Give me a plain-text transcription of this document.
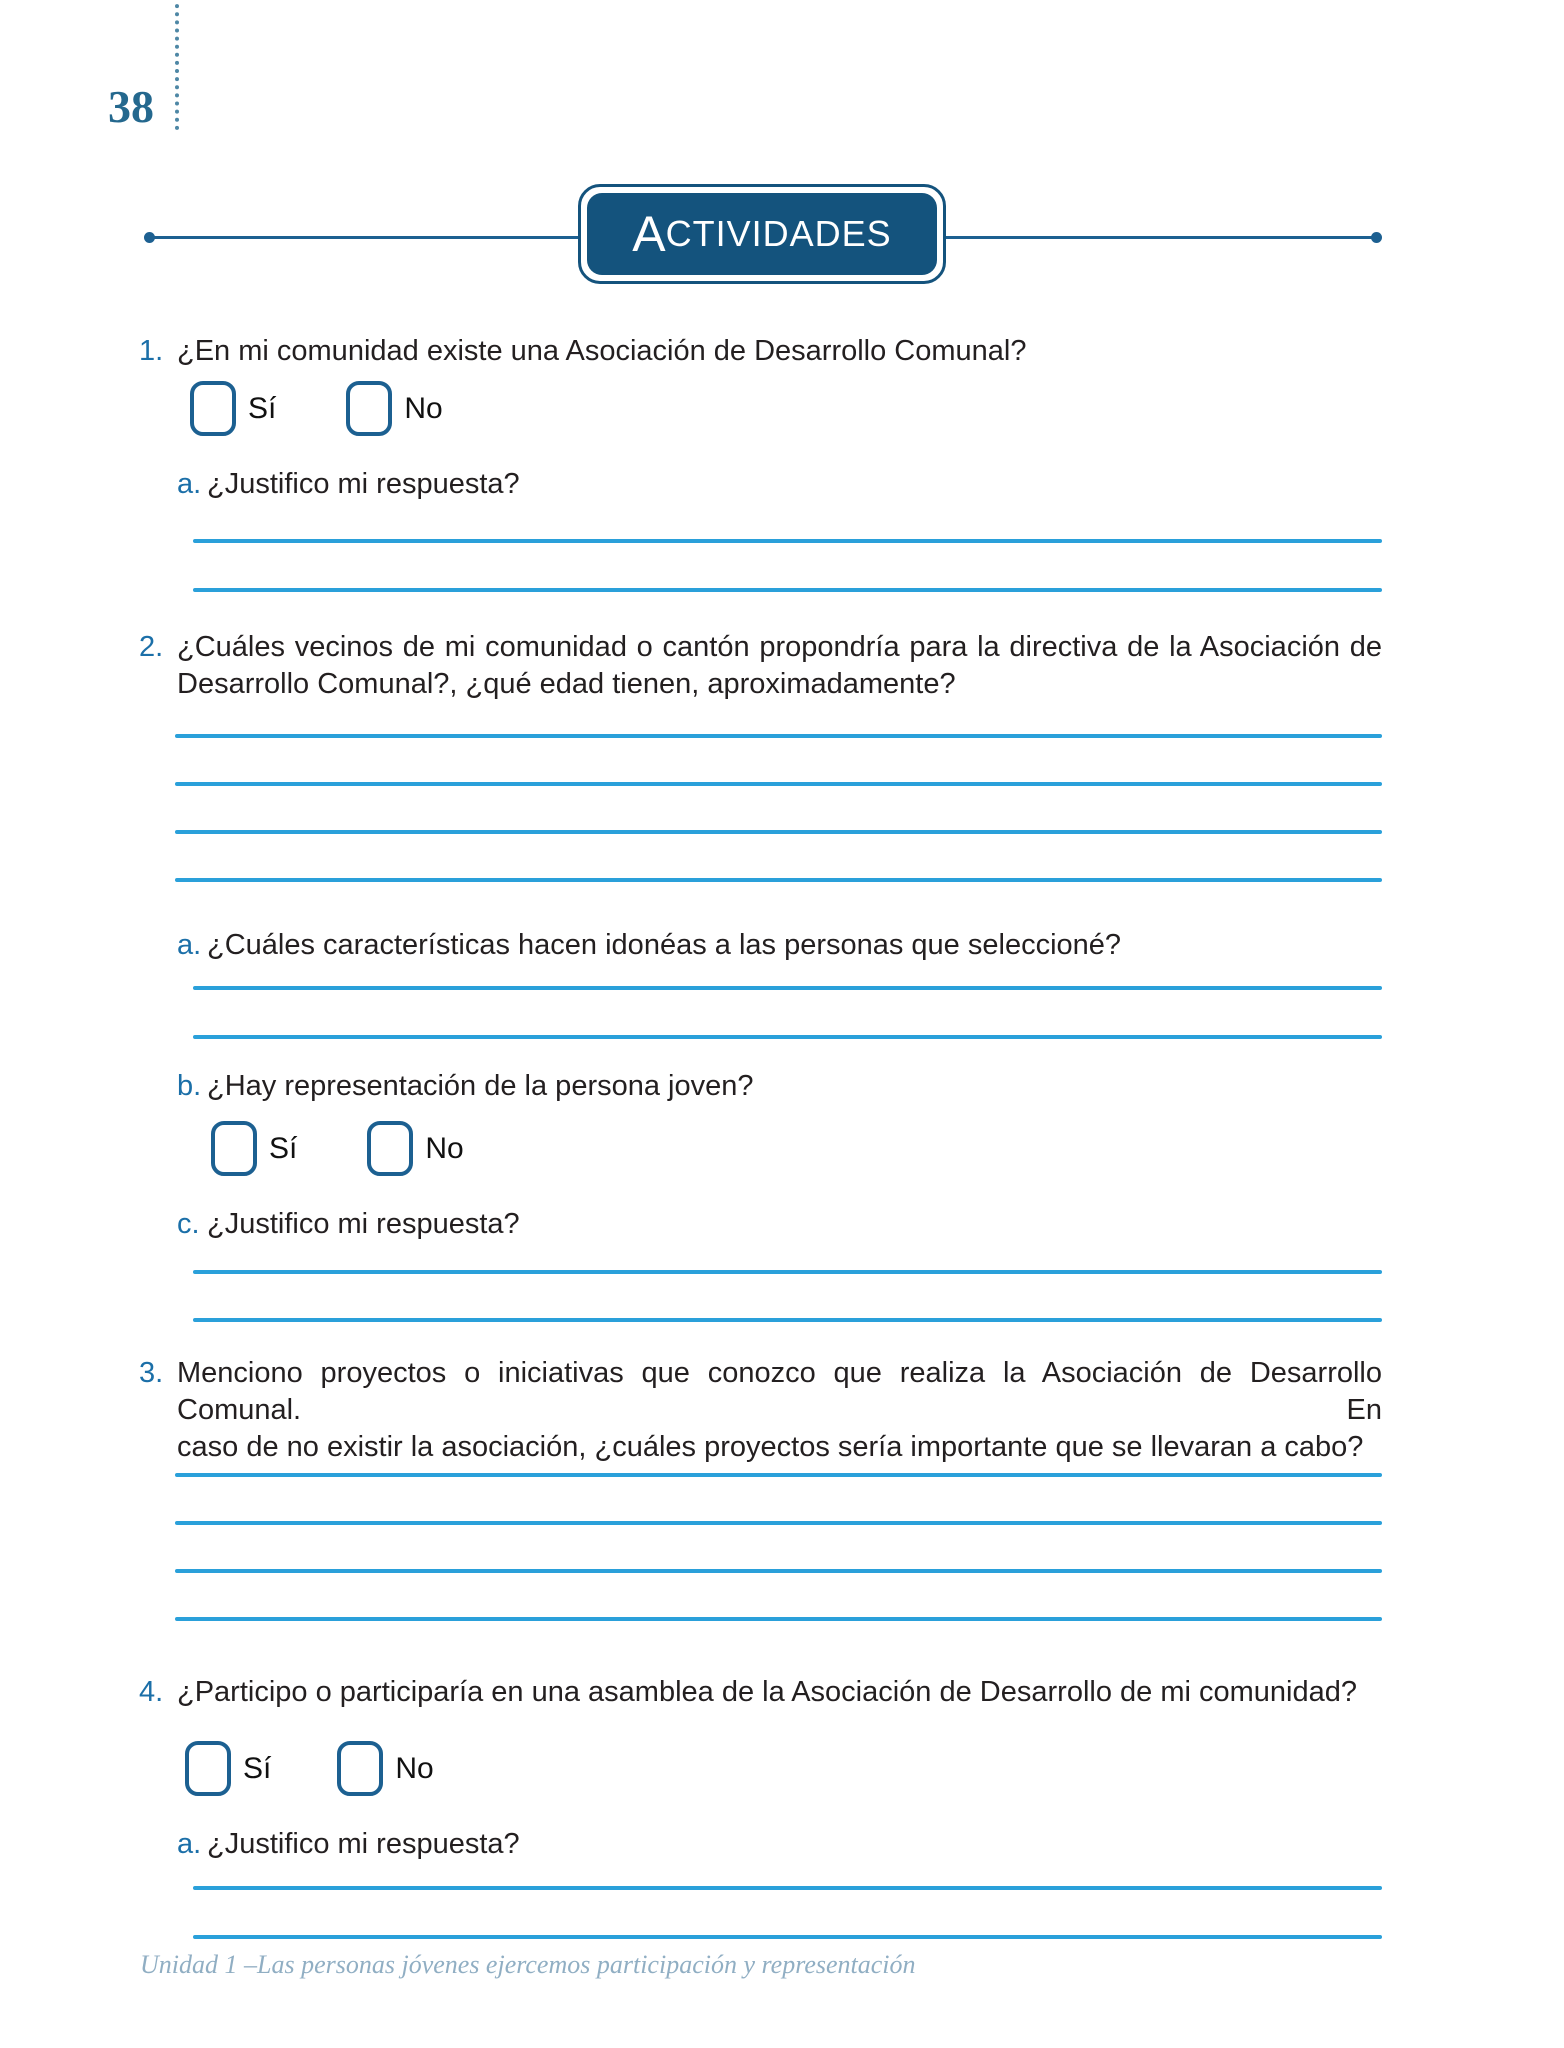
38
A CTIVIDADES
1. ¿En mi comunidad existe una Asociación de Desarrollo Comunal?
Sí	No
a. ¿Justifico mi respuesta?
2. ¿Cuáles vecinos de mi comunidad o cantón propondría para la directiva de la Asociación de
Desarrollo Comunal?, ¿qué edad tienen, aproximadamente?
a. ¿Cuáles características hacen idonéas a las personas que seleccioné?
b. ¿Hay representación de la persona joven?
Sí	No
c. ¿Justifico mi respuesta?
3. Menciono proyectos o iniciativas que conozco que realiza la Asociación de Desarrollo Comunal. En
caso de no existir la asociación, ¿cuáles proyectos sería importante que se llevaran a cabo?
4. ¿Participo o participaría en una asamblea de la Asociación de Desarrollo de mi comunidad?
Sí	No
a. ¿Justifico mi respuesta?
Unidad 1 –Las personas jóvenes ejercemos participación y representación
